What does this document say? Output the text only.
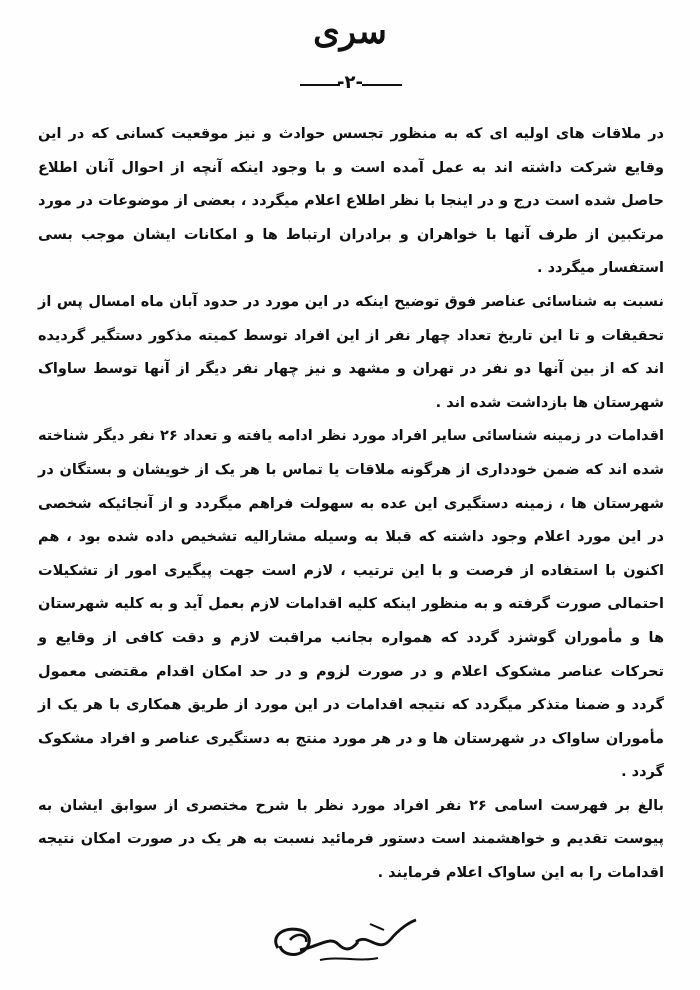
سری
-۲-

در ملاقات های اولیه ای که به منظور تجسس حوادث و نیز موقعیت کسانی که در این وقایع شرکت داشته اند به عمل آمده است و با وجود اینکه آنچه از احوال آنان اطلاع حاصل شده است درج و در اینجا با نظر اطلاع اعلام میگردد ، بعضی از موضوعات در مورد مرتکبین از طرف آنها با خواهران و برادران ارتباط ها و امکانات ایشان موجب بسی استفسار میگردد .

نسبت به شناسائی عناصر فوق توضیح اینکه در این مورد در حدود آبان ماه امسال پس از تحقیقات و تا این تاریخ تعداد چهار نفر از این افراد توسط کمیته مذکور دستگیر گردیده اند که از بین آنها دو نفر در تهران و مشهد و نیز چهار نفر دیگر از آنها توسط ساواک شهرستان ها بازداشت شده اند .

اقدامات در زمینه شناسائی سایر افراد مورد نظر ادامه یافته و تعداد ۲۶ نفر دیگر شناخته شده اند که ضمن خودداری از هرگونه ملاقات یا تماس با هر یک از خویشان و بستگان در شهرستان ها ، زمینه دستگیری این عده به سهولت فراهم میگردد و از آنجائیکه شخصی در این مورد اعلام وجود داشته که قبلا به وسیله مشارالیه تشخیص داده شده بود ، هم اکنون با استفاده از فرصت و با این ترتیب ، لازم است جهت پیگیری امور از تشکیلات احتمالی صورت گرفته و به منظور اینکه کلیه اقدامات لازم بعمل آید و به کلیه شهرستان ها و مأموران گوشزد گردد که همواره بجانب مراقبت لازم و دقت کافی از وقایع و تحرکات عناصر مشکوک اعلام و در صورت لزوم و در حد امکان اقدام مقتضی معمول گردد و ضمنا متذکر میگردد که نتیجه اقدامات در این مورد از طریق همکاری با هر یک از مأموران ساواک در شهرستان ها و در هر مورد منتج به دستگیری عناصر و افراد مشکوک گردد .

بالغ بر فهرست اسامی ۲۶ نفر افراد مورد نظر با شرح مختصری از سوابق ایشان به پیوست تقدیم و خواهشمند است دستور فرمائید نسبت به هر یک در صورت امکان نتیجه اقدامات را به این ساواک اعلام فرمایند .
